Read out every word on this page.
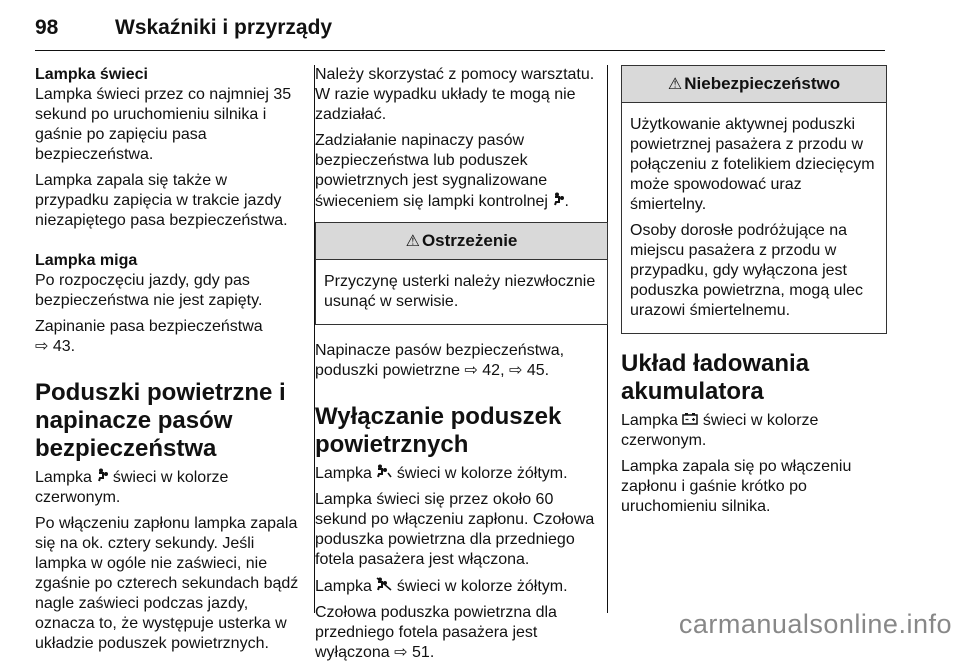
98	Wskaźniki i przyrządy

Lampka świeci

Lampka świeci przez co najmniej 35 sekund po uruchomieniu silnika i gaśnie po zapięciu pasa bezpieczeństwa.

Lampka zapala się także w przypadku zapięcia w trakcie jazdy niezapiętego pasa bezpieczeństwa.

Lampka miga

Po rozpoczęciu jazdy, gdy pas bezpieczeństwa nie jest zapięty.

Zapinanie pasa bezpieczeństwa
⇨ 43.

Poduszki powietrzne i napinacze pasów bezpieczeństwa

Lampka świeci w kolorze czerwonym.

Po włączeniu zapłonu lampka zapala się na ok. cztery sekundy. Jeśli lampka w ogóle nie zaświeci, nie zgaśnie po czterech sekundach bądź nagle zaświeci podczas jazdy, oznacza to, że występuje usterka w układzie poduszek powietrznych.

Należy skorzystać z pomocy warsztatu. W razie wypadku układy te mogą nie zadziałać.

Zadziałanie napinaczy pasów bezpieczeństwa lub poduszek powietrznych jest sygnalizowane świeceniem się lampki kontrolnej .

⚠ Ostrzeżenie

Przyczynę usterki należy niezwłocznie usunąć w serwisie.

Napinacze pasów bezpieczeństwa, poduszki powietrzne ⇨ 42, ⇨ 45.

Wyłączanie poduszek powietrznych

Lampka świeci w kolorze żółtym.

Lampka świeci się przez około 60 sekund po włączeniu zapłonu. Czołowa poduszka powietrzna dla przedniego fotela pasażera jest włączona.

Lampka świeci w kolorze żółtym.

Czołowa poduszka powietrzna dla przedniego fotela pasażera jest wyłączona ⇨ 51.

⚠ Niebezpieczeństwo

Użytkowanie aktywnej poduszki powietrznej pasażera z przodu w połączeniu z fotelikiem dziecięcym może spowodować uraz śmiertelny.

Osoby dorosłe podróżujące na miejscu pasażera z przodu w przypadku, gdy wyłączona jest poduszka powietrzna, mogą ulec urazowi śmiertelnemu.

Układ ładowania akumulatora

Lampka świeci w kolorze czerwonym.

Lampka zapala się po włączeniu zapłonu i gaśnie krótko po uruchomieniu silnika.

carmanualsonline.info
